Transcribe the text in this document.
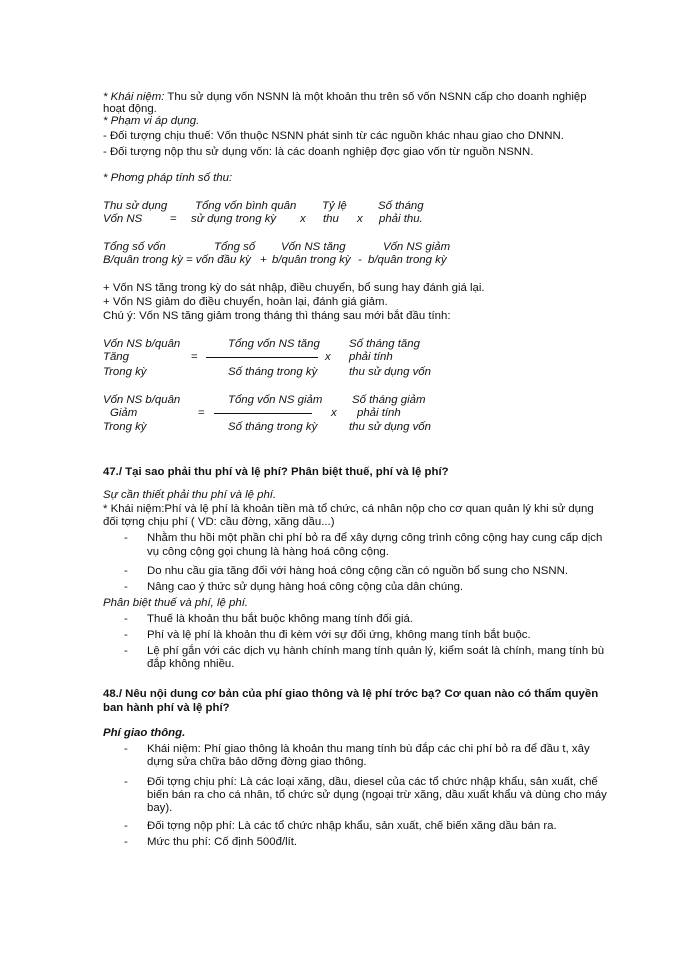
* Khái niệm: Thu sử dụng vốn NSNN là một khoản thu trên số vốn NSNN cấp cho doanh nghiệp
hoạt động.
* Phạm vi áp dụng.
- Đối tượng chịu thuế: Vốn thuộc NSNN phát sinh từ các nguồn khác nhau giao cho DNNN.
- Đối tượng nộp thu sử dụng vốn: là các doanh nghiệp đợc giao vốn từ nguồn NSNN.
* Phơng pháp tính số thu:
Thu sử dụng
Vốn NS =
Tổng vốn bình quân
sử dụng trong kỳ x
Tỷ lệ
thu x
Số tháng
phải thu.
Tổng số vốn
B/quân trong kỳ = vốn đầu kỳ
Tổng số
+ b/quân trong kỳ
Vốn NS tăng
- b/quân trong kỳ
Vốn NS giảm
+ Vốn NS tăng trong kỳ do sát nhập, điều chuyển, bổ sung hay đánh giá lại.
+ Vốn NS giảm do điều chuyển, hoàn lại, đánh giá giảm.
Chú ý: Vốn NS tăng giảm trong tháng thì tháng sau mới bắt đầu tính:
Vốn NS b/quân
Tăng
Trong kỳ
=
Tổng vốn NS tăng
Số tháng trong kỳ
x
Số tháng tăng
phải tính
thu sử dụng vốn
Vốn NS b/quân
Giảm
Trong kỳ
=
Tổng vốn NS giảm
Số tháng trong kỳ
x
Số tháng giảm
phải tính
thu sử dụng vốn
47./ Tại sao phải thu phí và lệ phí? Phân biệt thuế, phí và lệ phí?
Sự cần thiết phải thu phí và lệ phí.
* Khái niệm:Phí và lệ phí là khoản tiền mà tổ chức, cá nhân nộp cho cơ quan quản lý khi sử dụng
đối tợng chịu phí ( VD: cầu đờng, xăng dầu...)
- Nhằm thu hồi một phần chi phí bỏ ra để xây dựng công trình công cộng hay cung cấp dịch
vụ công cộng gọi chung là hàng hoá công cộng.
- Do nhu cầu gia tăng đối với hàng hoá công cộng cần có nguồn bổ sung cho NSNN.
- Nâng cao ý thức sử dụng hàng hoá công cộng của dân chúng.
Phân biệt thuế và phí, lệ phí.
- Thuế là khoản thu bắt buộc không mang tính đối giá.
- Phí và lệ phí là khoản thu đi kèm với sự đối ứng, không mang tính bắt buộc.
- Lệ phí gắn với các dịch vụ hành chính mang tính quản lý, kiểm soát là chính, mang tính bù
đắp không nhiều.
48./ Nêu nội dung cơ bản của phí giao thông và lệ phí trớc bạ? Cơ quan nào có thẩm quyền
ban hành phí và lệ phí?
Phí giao thông.
- Khái niệm: Phí giao thông là khoản thu mang tính bù đắp các chi phí bỏ ra để đầu t, xây
dựng sửa chữa bảo dỡng đờng giao thông.
- Đối tợng chịu phí: Là các loại xăng, dầu, diesel của các tổ chức nhập khẩu, sản xuất, chế
biến bán ra cho cá nhân, tổ chức sử dụng (ngoại trừ xăng, dầu xuất khẩu và dùng cho máy
bay).
- Đối tợng nộp phí: Là các tổ chức nhập khẩu, sản xuất, chế biến xăng dầu bán ra.
- Mức thu phí: Cố định 500đ/lít.
